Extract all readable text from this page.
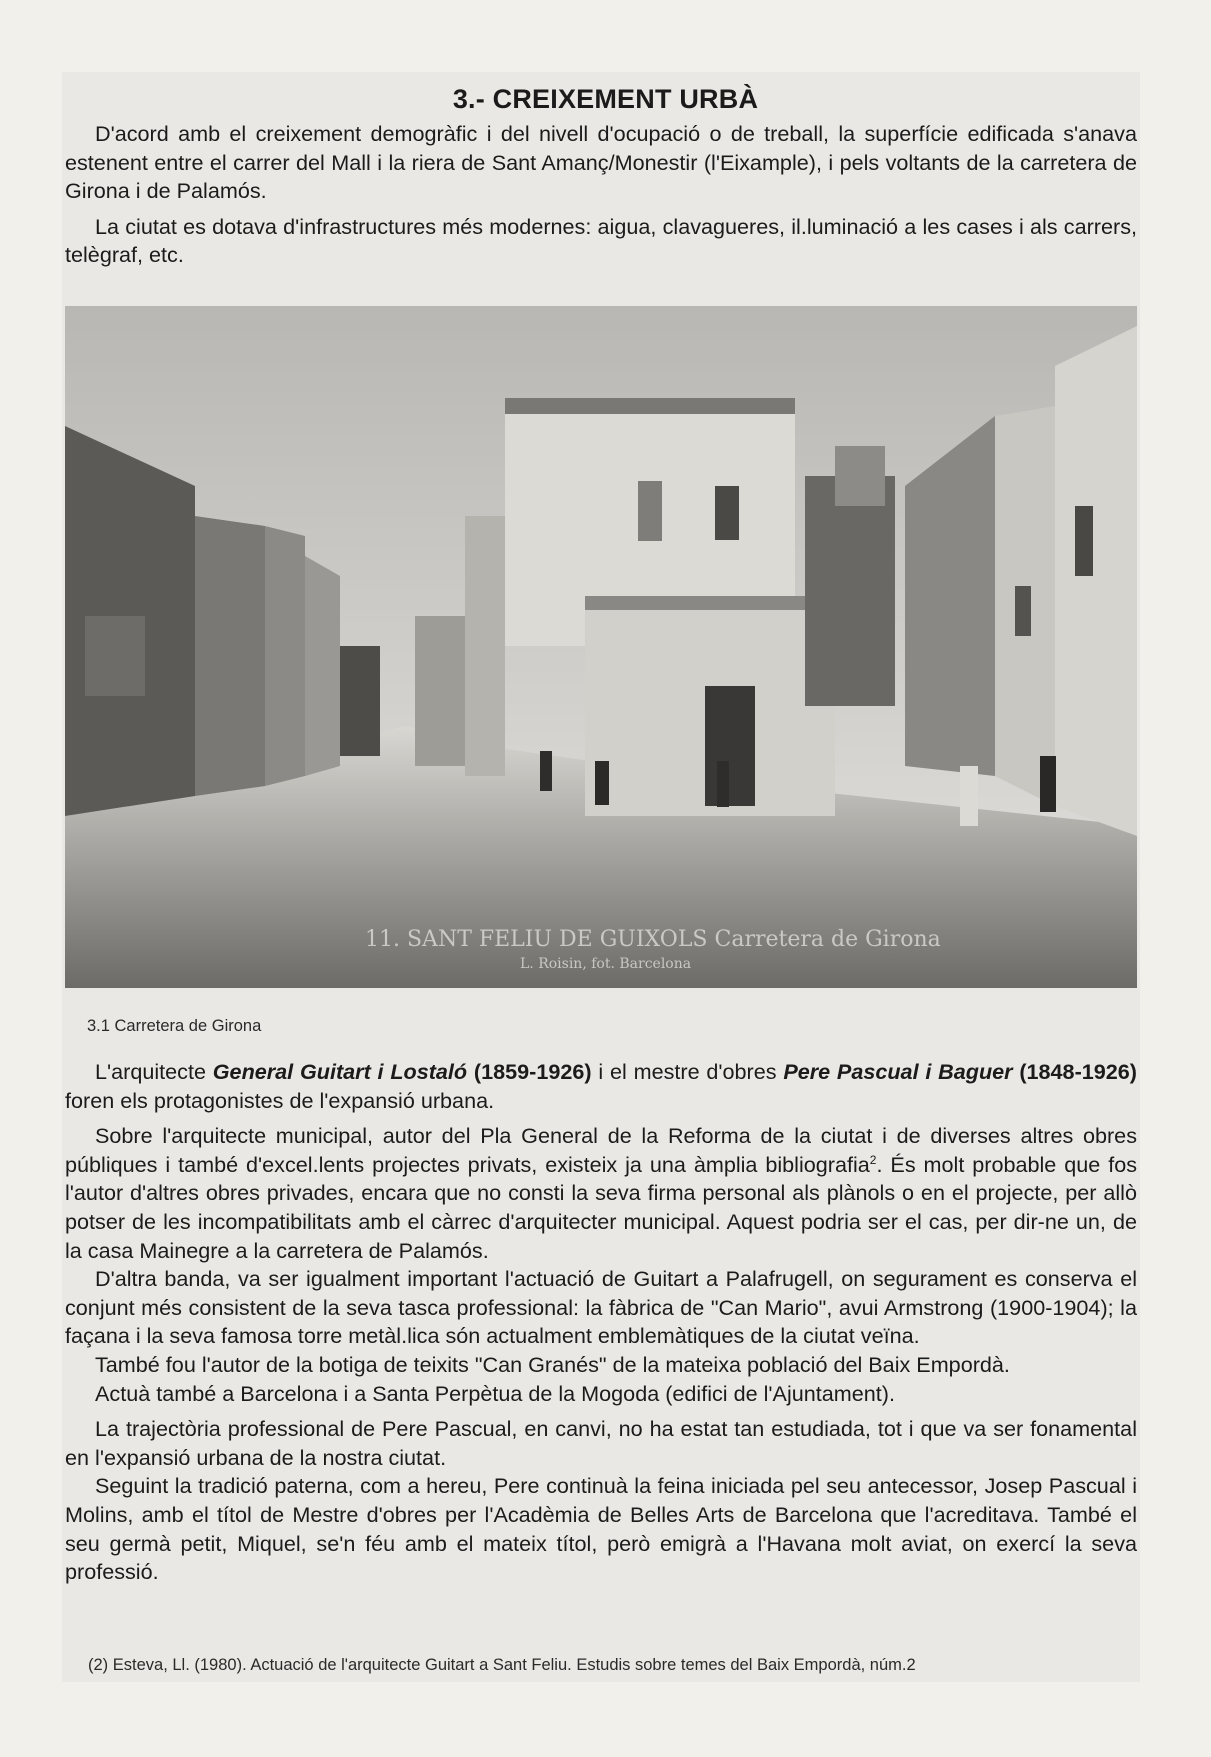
3.- CREIXEMENT URBÀ

D'acord amb el creixement demogràfic i del nivell d'ocupació o de treball, la superfície edificada s'anava estenent entre el carrer del Mall i la riera de Sant Amanç/Monestir (l'Eixample), i pels voltants de la carretera de Girona i de Palamós.

La ciutat es dotava d'infrastructures més modernes: aigua, clavagueres, il.luminació a les cases i als carrers, telègraf, etc.

11. SANT FELIU DE GUIXOLS Carretera de Girona
L. Roisin, fot. Barcelona
3.1 Carretera de Girona

L'arquitecte General Guitart i Lostaló (1859-1926) i el mestre d'obres Pere Pascual i Baguer (1848-1926) foren els protagonistes de l'expansió urbana.

Sobre l'arquitecte municipal, autor del Pla General de la Reforma de la ciutat i de diverses altres obres públiques i també d'excel.lents projectes privats, existeix ja una àmplia bibliografia$^2$. És molt probable que fos l'autor d'altres obres privades, encara que no consti la seva firma personal als plànols o en el projecte, per allò potser de les incompatibilitats amb el càrrec d'arquitecter municipal. Aquest podria ser el cas, per dir-ne un, de la casa Mainegre a la carretera de Palamós.

D'altra banda, va ser igualment important l'actuació de Guitart a Palafrugell, on segurament es conserva el conjunt més consistent de la seva tasca professional: la fàbrica de "Can Mario", avui Armstrong (1900-1904); la façana i la seva famosa torre metàl.lica són actualment emblemàtiques de la ciutat veïna.

També fou l'autor de la botiga de teixits "Can Granés" de la mateixa població del Baix Empordà.

Actuà també a Barcelona i a Santa Perpètua de la Mogoda (edifici de l'Ajuntament).

La trajectòria professional de Pere Pascual, en canvi, no ha estat tan estudiada, tot i que va ser fonamental en l'expansió urbana de la nostra ciutat.

Seguint la tradició paterna, com a hereu, Pere continuà la feina iniciada pel seu antecessor, Josep Pascual i Molins, amb el títol de Mestre d'obres per l'Acadèmia de Belles Arts de Barcelona que l'acreditava. També el seu germà petit, Miquel, se'n féu amb el mateix títol, però emigrà a l'Havana molt aviat, on exercí la seva professió.

(2) Esteva, Ll. (1980). Actuació de l'arquitecte Guitart a Sant Feliu. Estudis sobre temes del Baix Empordà, núm.2
